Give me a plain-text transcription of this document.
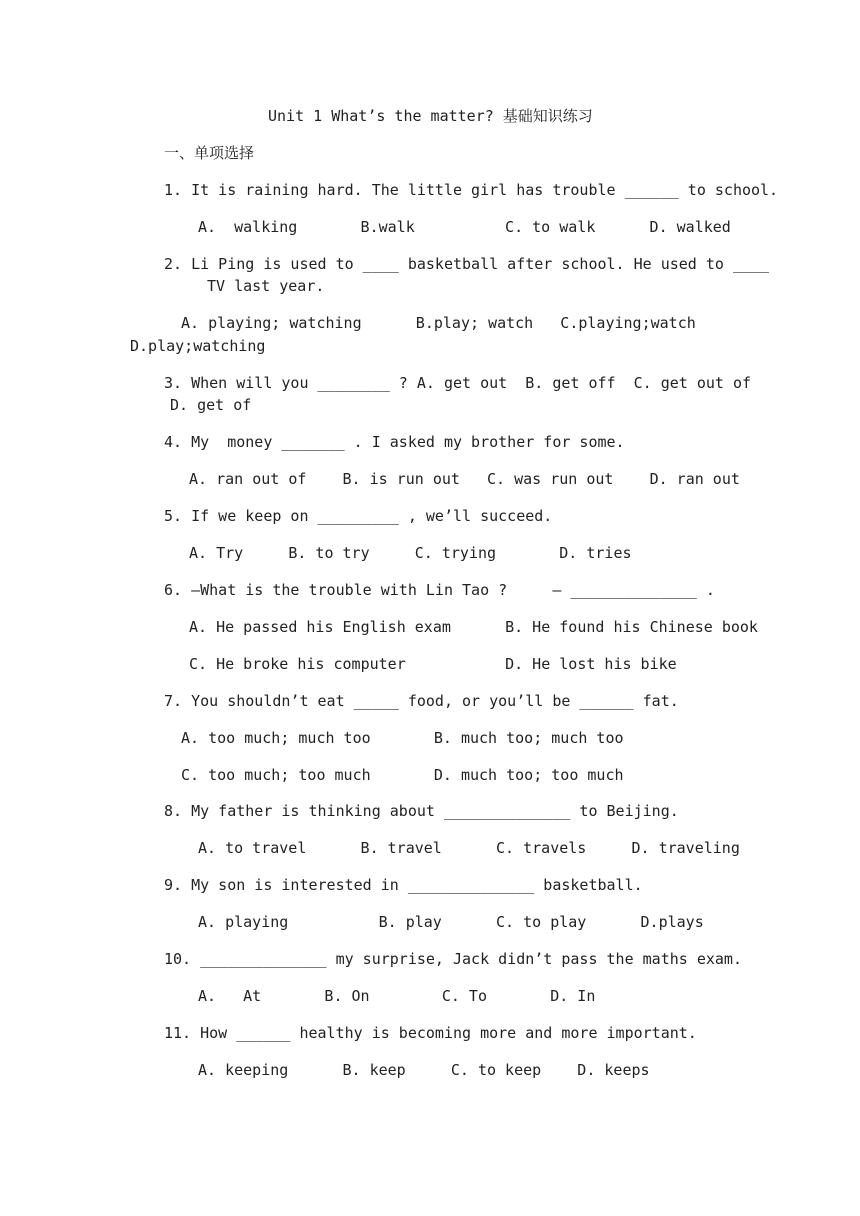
Unit 1 What’s the matter? 基础知识练习
一、单项选择
1. It is raining hard. The little girl has trouble ______ to school.
A.  walking       B.walk          C. to walk      D. walked
2. Li Ping is used to ____ basketball after school. He used to ____
TV last year.
A. playing; watching      B.play; watch   C.playing;watch
D.play;watching
3. When will you ________ ? A. get out  B. get off  C. get out of
D. get of
4. My  money _______ . I asked my brother for some.
A. ran out of    B. is run out   C. was run out    D. ran out
5. If we keep on _________ , we’ll succeed.
A. Try     B. to try     C. trying       D. tries
6. —What is the trouble with Lin Tao ?     — ______________ .
A. He passed his English exam      B. He found his Chinese book
C. He broke his computer           D. He lost his bike
7. You shouldn’t eat _____ food, or you’ll be ______ fat.
A. too much; much too       B. much too; much too
C. too much; too much       D. much too; too much
8. My father is thinking about ______________ to Beijing.
A. to travel      B. travel      C. travels     D. traveling
9. My son is interested in ______________ basketball.
A. playing          B. play      C. to play      D.plays
10. ______________ my surprise, Jack didn’t pass the maths exam.
A.   At       B. On        C. To       D. In
11. How ______ healthy is becoming more and more important.
A. keeping      B. keep     C. to keep    D. keeps
